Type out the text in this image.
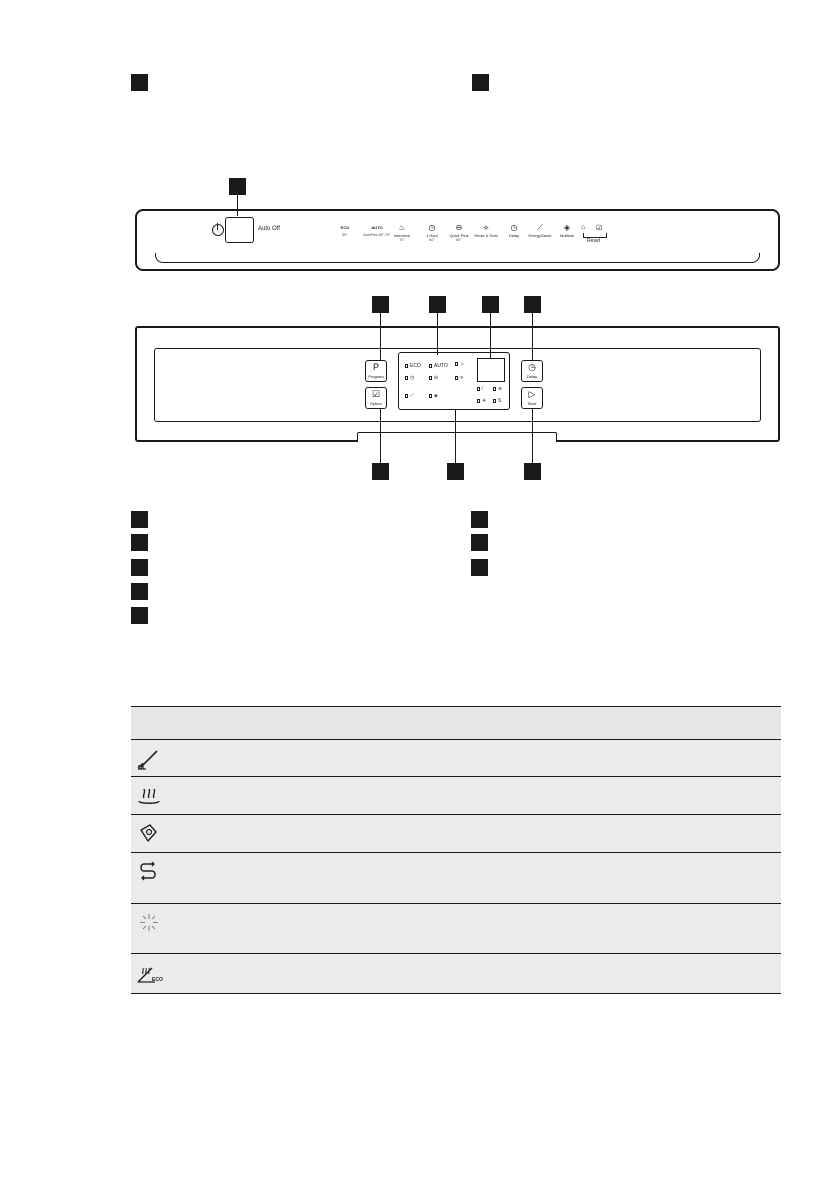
Auto Off	ECO
50°
AUTO
AutoFlex 45°-70°
♨
Intensive
70°
◷
1 Hour
60°
⊖
Quick Plus
60°
⟡
Rinse & Hold
◷
Delay
⟋
EnergySaver
◈
Multitab
⌂ ☑
Reset
P
Program
☑
Option
◷
Delay
▷
Start
ECO	AUTO	♨
◷	⊖	⟡
⟋	◈
⁄	≋
✳	S
ECO
